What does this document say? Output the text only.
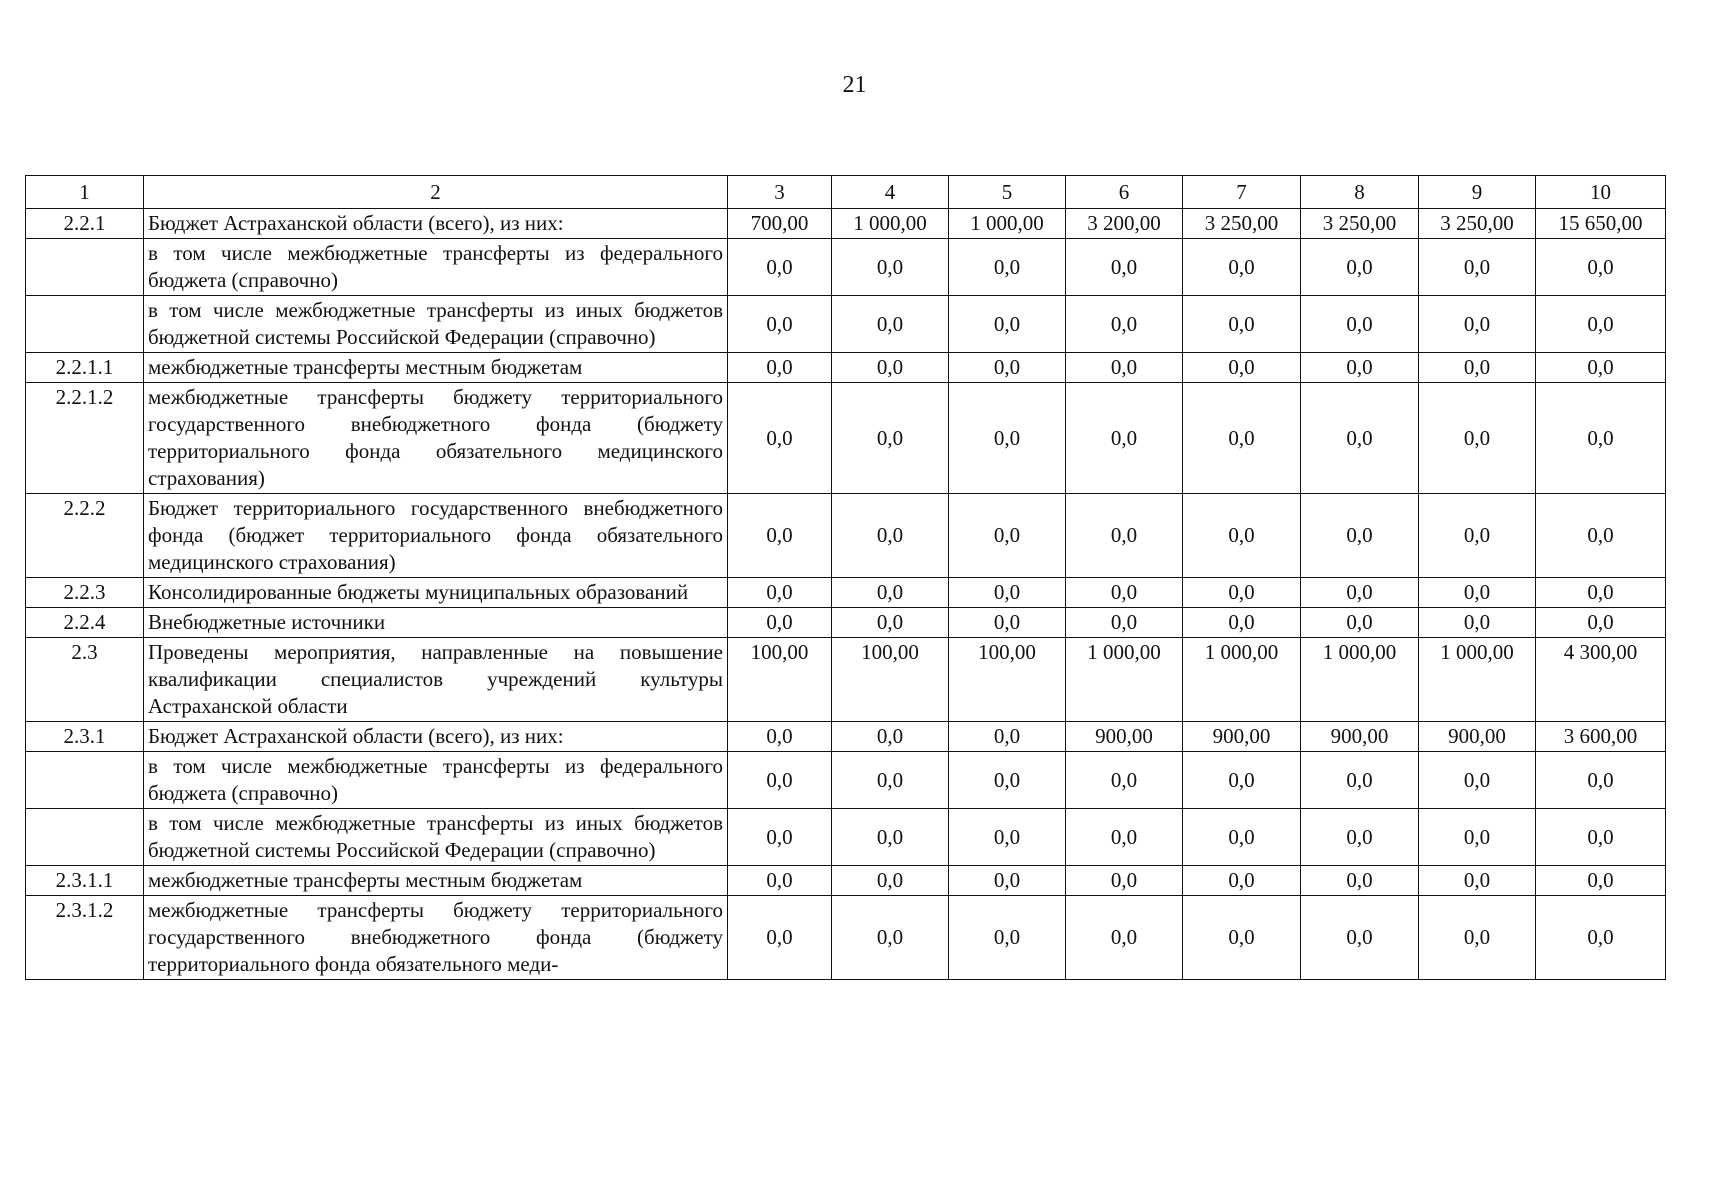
21
1	2	3	4	5	6	7	8	9	10
2.2.1	Бюджет Астраханской области (всего), из них:	700,00	1 000,00	1 000,00	3 200,00	3 250,00	3 250,00	3 250,00	15 650,00
	в том числе межбюджетные трансферты из федерального бюджета (справочно)	0,0	0,0	0,0	0,0	0,0	0,0	0,0	0,0
	в том числе межбюджетные трансферты из иных бюджетов бюджетной системы Российской Федерации (справочно)	0,0	0,0	0,0	0,0	0,0	0,0	0,0	0,0
2.2.1.1	межбюджетные трансферты местным бюджетам	0,0	0,0	0,0	0,0	0,0	0,0	0,0	0,0
2.2.1.2	межбюджетные трансферты бюджету территориального государственного внебюджетного фонда (бюджету территориального фонда обязательного медицинского страхования)	0,0	0,0	0,0	0,0	0,0	0,0	0,0	0,0
2.2.2	Бюджет территориального государственного внебюджетного фонда (бюджет территориального фонда обязательного медицинского страхования)	0,0	0,0	0,0	0,0	0,0	0,0	0,0	0,0
2.2.3	Консолидированные бюджеты муниципальных образований	0,0	0,0	0,0	0,0	0,0	0,0	0,0	0,0
2.2.4	Внебюджетные источники	0,0	0,0	0,0	0,0	0,0	0,0	0,0	0,0
2.3	Проведены мероприятия, направленные на повышение квалификации специалистов учреждений культуры Астраханской области	100,00	100,00	100,00	1 000,00	1 000,00	1 000,00	1 000,00	4 300,00
2.3.1	Бюджет Астраханской области (всего), из них:	0,0	0,0	0,0	900,00	900,00	900,00	900,00	3 600,00
	в том числе межбюджетные трансферты из федерального бюджета (справочно)	0,0	0,0	0,0	0,0	0,0	0,0	0,0	0,0
	в том числе межбюджетные трансферты из иных бюджетов бюджетной системы Российской Федерации (справочно)	0,0	0,0	0,0	0,0	0,0	0,0	0,0	0,0
2.3.1.1	межбюджетные трансферты местным бюджетам	0,0	0,0	0,0	0,0	0,0	0,0	0,0	0,0
2.3.1.2	межбюджетные трансферты бюджету территориального государственного внебюджетного фонда (бюджету территориального фонда обязательного меди-	0,0	0,0	0,0	0,0	0,0	0,0	0,0	0,0
